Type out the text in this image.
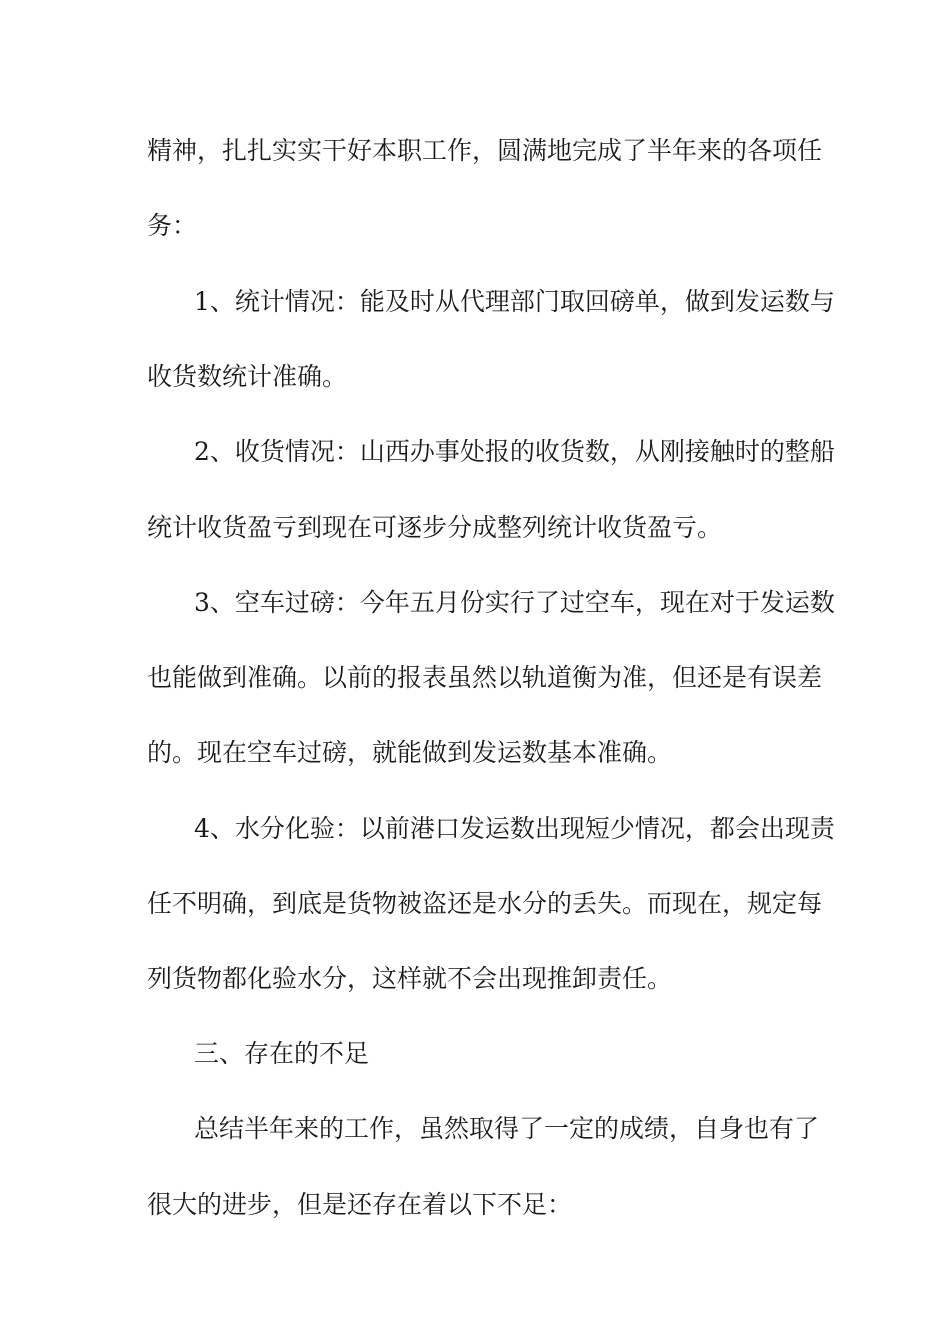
精神，扎扎实实干好本职工作，圆满地完成了半年来的各项任
务：
1、统计情况：能及时从代理部门取回磅单，做到发运数与
收货数统计准确。
2、收货情况：山西办事处报的收货数，从刚接触时的整船
统计收货盈亏到现在可逐步分成整列统计收货盈亏。
3、空车过磅：今年五月份实行了过空车，现在对于发运数
也能做到准确。以前的报表虽然以轨道衡为准，但还是有误差
的。现在空车过磅，就能做到发运数基本准确。
4、水分化验：以前港口发运数出现短少情况，都会出现责
任不明确，到底是货物被盗还是水分的丢失。而现在，规定每
列货物都化验水分，这样就不会出现推卸责任。
三、存在的不足
总结半年来的工作，虽然取得了一定的成绩，自身也有了
很大的进步，但是还存在着以下不足：
